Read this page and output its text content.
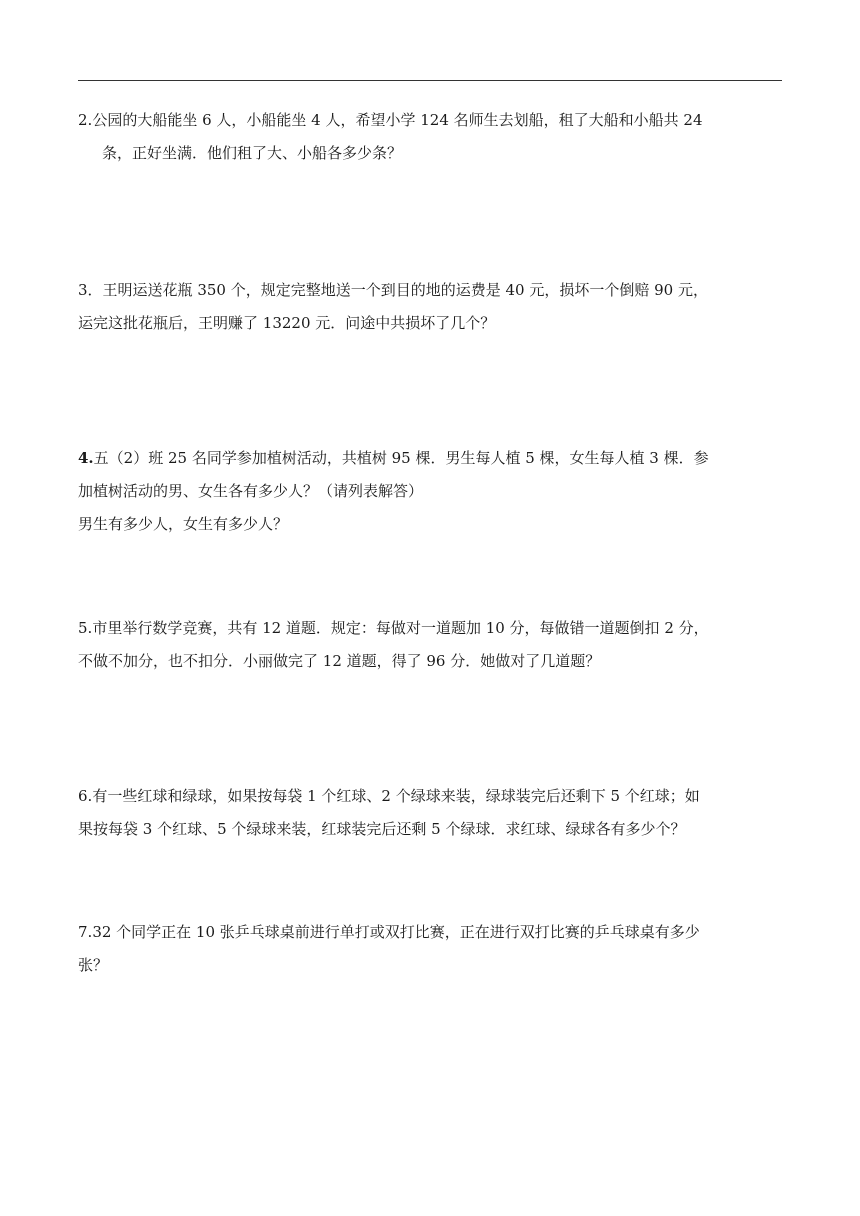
2.公园的大船能坐 6 人，小船能坐 4 人，希望小学 124 名师生去划船，租了大船和小船共 24
条，正好坐满．他们租了大、小船各多少条？
3．王明运送花瓶 350 个，规定完整地送一个到目的地的运费是 40 元，损坏一个倒赔 90 元，
运完这批花瓶后，王明赚了 13220 元．问途中共损坏了几个？
4.五（2）班 25 名同学参加植树活动，共植树 95 棵．男生每人植 5 棵，女生每人植 3 棵．参
加植树活动的男、女生各有多少人？（请列表解答）
男生有多少人，女生有多少人？
5.市里举行数学竞赛，共有 12 道题．规定：每做对一道题加 10 分，每做错一道题倒扣 2 分，
不做不加分，也不扣分．小丽做完了 12 道题，得了 96 分．她做对了几道题？
6.有一些红球和绿球，如果按每袋 1 个红球、2 个绿球来装，绿球装完后还剩下 5 个红球；如
果按每袋 3 个红球、5 个绿球来装，红球装完后还剩 5 个绿球．求红球、绿球各有多少个？
7.32 个同学正在 10 张乒乓球桌前进行单打或双打比赛，正在进行双打比赛的乒乓球桌有多少
张？
